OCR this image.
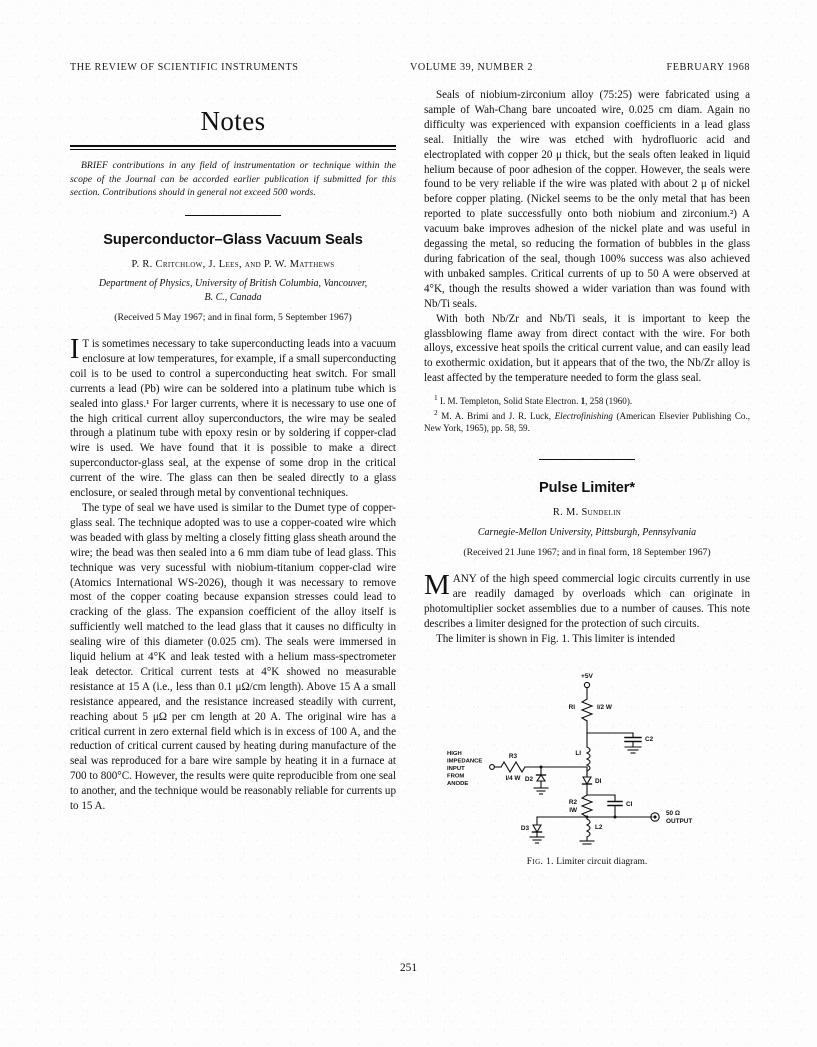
THE REVIEW OF SCIENTIFIC INSTRUMENTS	VOLUME 39, NUMBER 2	FEBRUARY 1968
Notes

BRIEF contributions in any field of instrumentation or technique within the scope of the Journal can be accorded earlier publication if submitted for this section. Contributions should in general not exceed 500 words.

Superconductor–Glass Vacuum Seals
P. R. Critchlow, J. Lees, and P. W. Matthews
Department of Physics, University of British Columbia, Vancouver,
B. C., Canada
(Received 5 May 1967; and in final form, 5 September 1967)

I T is sometimes necessary to take superconducting leads into a vacuum enclosure at low temperatures, for example, if a small superconducting coil is to be used to control a superconducting heat switch. For small currents a lead (Pb) wire can be soldered into a platinum tube which is sealed into glass.¹ For larger currents, where it is necessary to use one of the high critical current alloy superconductors, the wire may be sealed through a platinum tube with epoxy resin or by soldering if copper-clad wire is used. We have found that it is possible to make a direct superconductor-glass seal, at the expense of some drop in the critical current of the wire. The glass can then be sealed directly to a glass enclosure, or sealed through metal by conventional techniques.

The type of seal we have used is similar to the Dumet type of copper-glass seal. The technique adopted was to use a copper-coated wire which was beaded with glass by melting a closely fitting glass sheath around the wire; the bead was then sealed into a 6 mm diam tube of lead glass. This technique was very sucessful with niobium-titanium copper-clad wire (Atomics International WS-2026), though it was necessary to remove most of the copper coating because expansion stresses could lead to cracking of the glass. The expansion coefficient of the alloy itself is sufficiently well matched to the lead glass that it causes no difficulty in sealing wire of this diameter (0.025 cm). The seals were immersed in liquid helium at 4°K and leak tested with a helium mass-spectrometer leak detector. Critical current tests at 4°K showed no measurable resistance at 15 A (i.e., less than 0.1 μΩ/cm length). Above 15 A a small resistance appeared, and the resistance increased steadily with current, reaching about 5 μΩ per cm length at 20 A. The original wire has a critical current in zero external field which is in excess of 100 A, and the reduction of critical current caused by heating during manufacture of the seal was reproduced for a bare wire sample by heating it in a furnace at 700 to 800°C. However, the results were quite reproducible from one seal to another, and the technique would be reasonably reliable for currents up to 15 A.

Seals of niobium-zirconium alloy (75:25) were fabricated using a sample of Wah-Chang bare uncoated wire, 0.025 cm diam. Again no difficulty was experienced with expansion coefficients in a lead glass seal. Initially the wire was etched with hydrofluoric acid and electroplated with copper 20 μ thick, but the seals often leaked in liquid helium because of poor adhesion of the copper. However, the seals were found to be very reliable if the wire was plated with about 2 μ of nickel before copper plating. (Nickel seems to be the only metal that has been reported to plate successfully onto both niobium and zirconium.²) A vacuum bake improves adhesion of the nickel plate and was useful in degassing the metal, so reducing the formation of bubbles in the glass during fabrication of the seal, though 100% success was also achieved with unbaked samples. Critical currents of up to 50 A were observed at 4°K, though the results showed a wider variation than was found with Nb/Ti seals.

With both Nb/Zr and Nb/Ti seals, it is important to keep the glassblowing flame away from direct contact with the wire. For both alloys, excessive heat spoils the critical current value, and can easily lead to exothermic oxidation, but it appears that of the two, the Nb/Zr alloy is least affected by the temperature needed to form the glass seal.

$^1$ I. M. Templeton, Solid State Electron. 1, 258 (1960).
$^2$ M. A. Brimi and J. R. Luck, Electrofinishing (American Elsevier Publishing Co., New York, 1965), pp. 58, 59.
Pulse Limiter*
R. M. Sundelin
Carnegie-Mellon University, Pittsburgh, Pennsylvania
(Received 21 June 1967; and in final form, 18 September 1967)

MANY of the high speed commercial logic circuits currently in use are readily damaged by overloads which can originate in photomultiplier socket assemblies due to a number of causes. This note describes a limiter designed for the protection of such circuits.

The limiter is shown in Fig. 1. This limiter is intended

+5V
RI	I/2 W
C2
LI
HIGH
IMPEDANCE
INPUT
FROM
ANODE
R3
I/4 W D2	DI
R2
IW
CI
50 Ω
OUTPUT
D3	L2
Fig. 1. Limiter circuit diagram.
251
